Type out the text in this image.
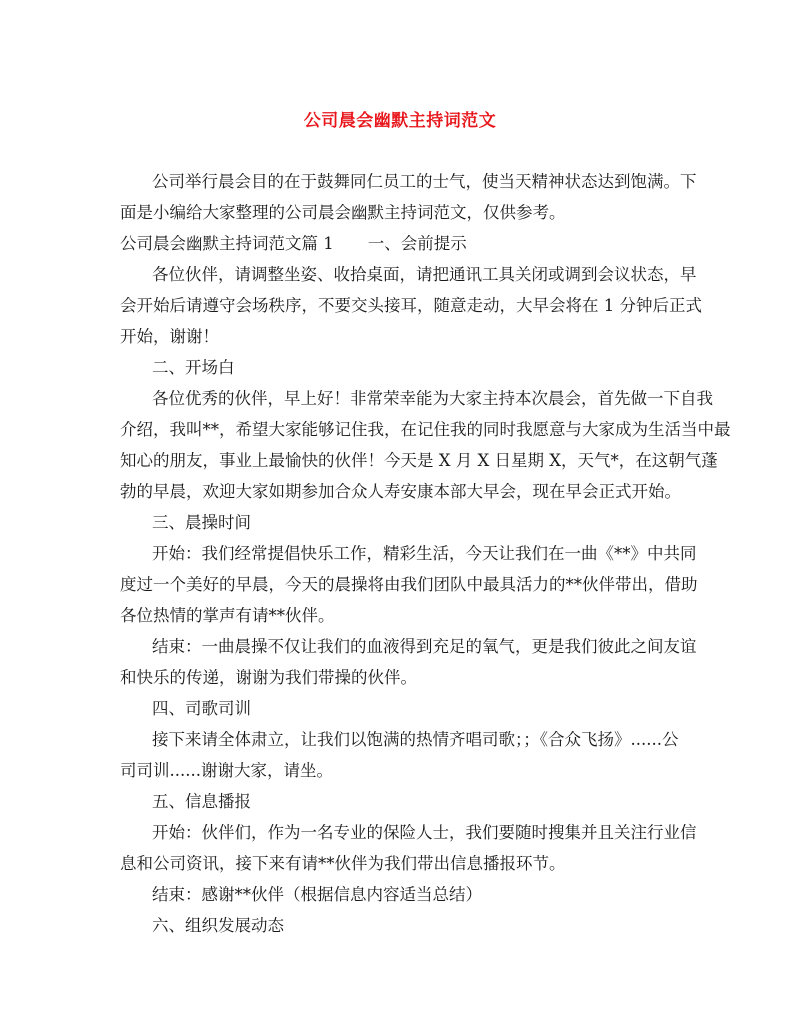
公司晨会幽默主持词范文
公司举行晨会目的在于鼓舞同仁员工的士气，使当天精神状态达到饱满。下
面是小编给大家整理的公司晨会幽默主持词范文，仅供参考。
公司晨会幽默主持词范文篇 1 一、会前提示
各位伙伴，请调整坐姿、收拾桌面，请把通讯工具关闭或调到会议状态，早
会开始后请遵守会场秩序，不要交头接耳，随意走动，大早会将在 1 分钟后正式
开始，谢谢！
二、开场白
各位优秀的伙伴，早上好！非常荣幸能为大家主持本次晨会，首先做一下自我
介绍，我叫**，希望大家能够记住我，在记住我的同时我愿意与大家成为生活当中最
知心的朋友，事业上最愉快的伙伴！今天是 X 月 X 日星期 X，天气*，在这朝气蓬
勃的早晨，欢迎大家如期参加合众人寿安康本部大早会，现在早会正式开始。
三、晨操时间
开始：我们经常提倡快乐工作，精彩生活，今天让我们在一曲《**》中共同
度过一个美好的早晨，今天的晨操将由我们团队中最具活力的**伙伴带出，借助
各位热情的掌声有请**伙伴。
结束：一曲晨操不仅让我们的血液得到充足的氧气，更是我们彼此之间友谊
和快乐的传递，谢谢为我们带操的伙伴。
四、司歌司训
接下来请全体肃立，让我们以饱满的热情齐唱司歌；；《合众飞扬》......公
司司训......谢谢大家，请坐。
五、信息播报
开始：伙伴们，作为一名专业的保险人士，我们要随时搜集并且关注行业信
息和公司资讯，接下来有请**伙伴为我们带出信息播报环节。
结束：感谢**伙伴（根据信息内容适当总结）
六、组织发展动态
